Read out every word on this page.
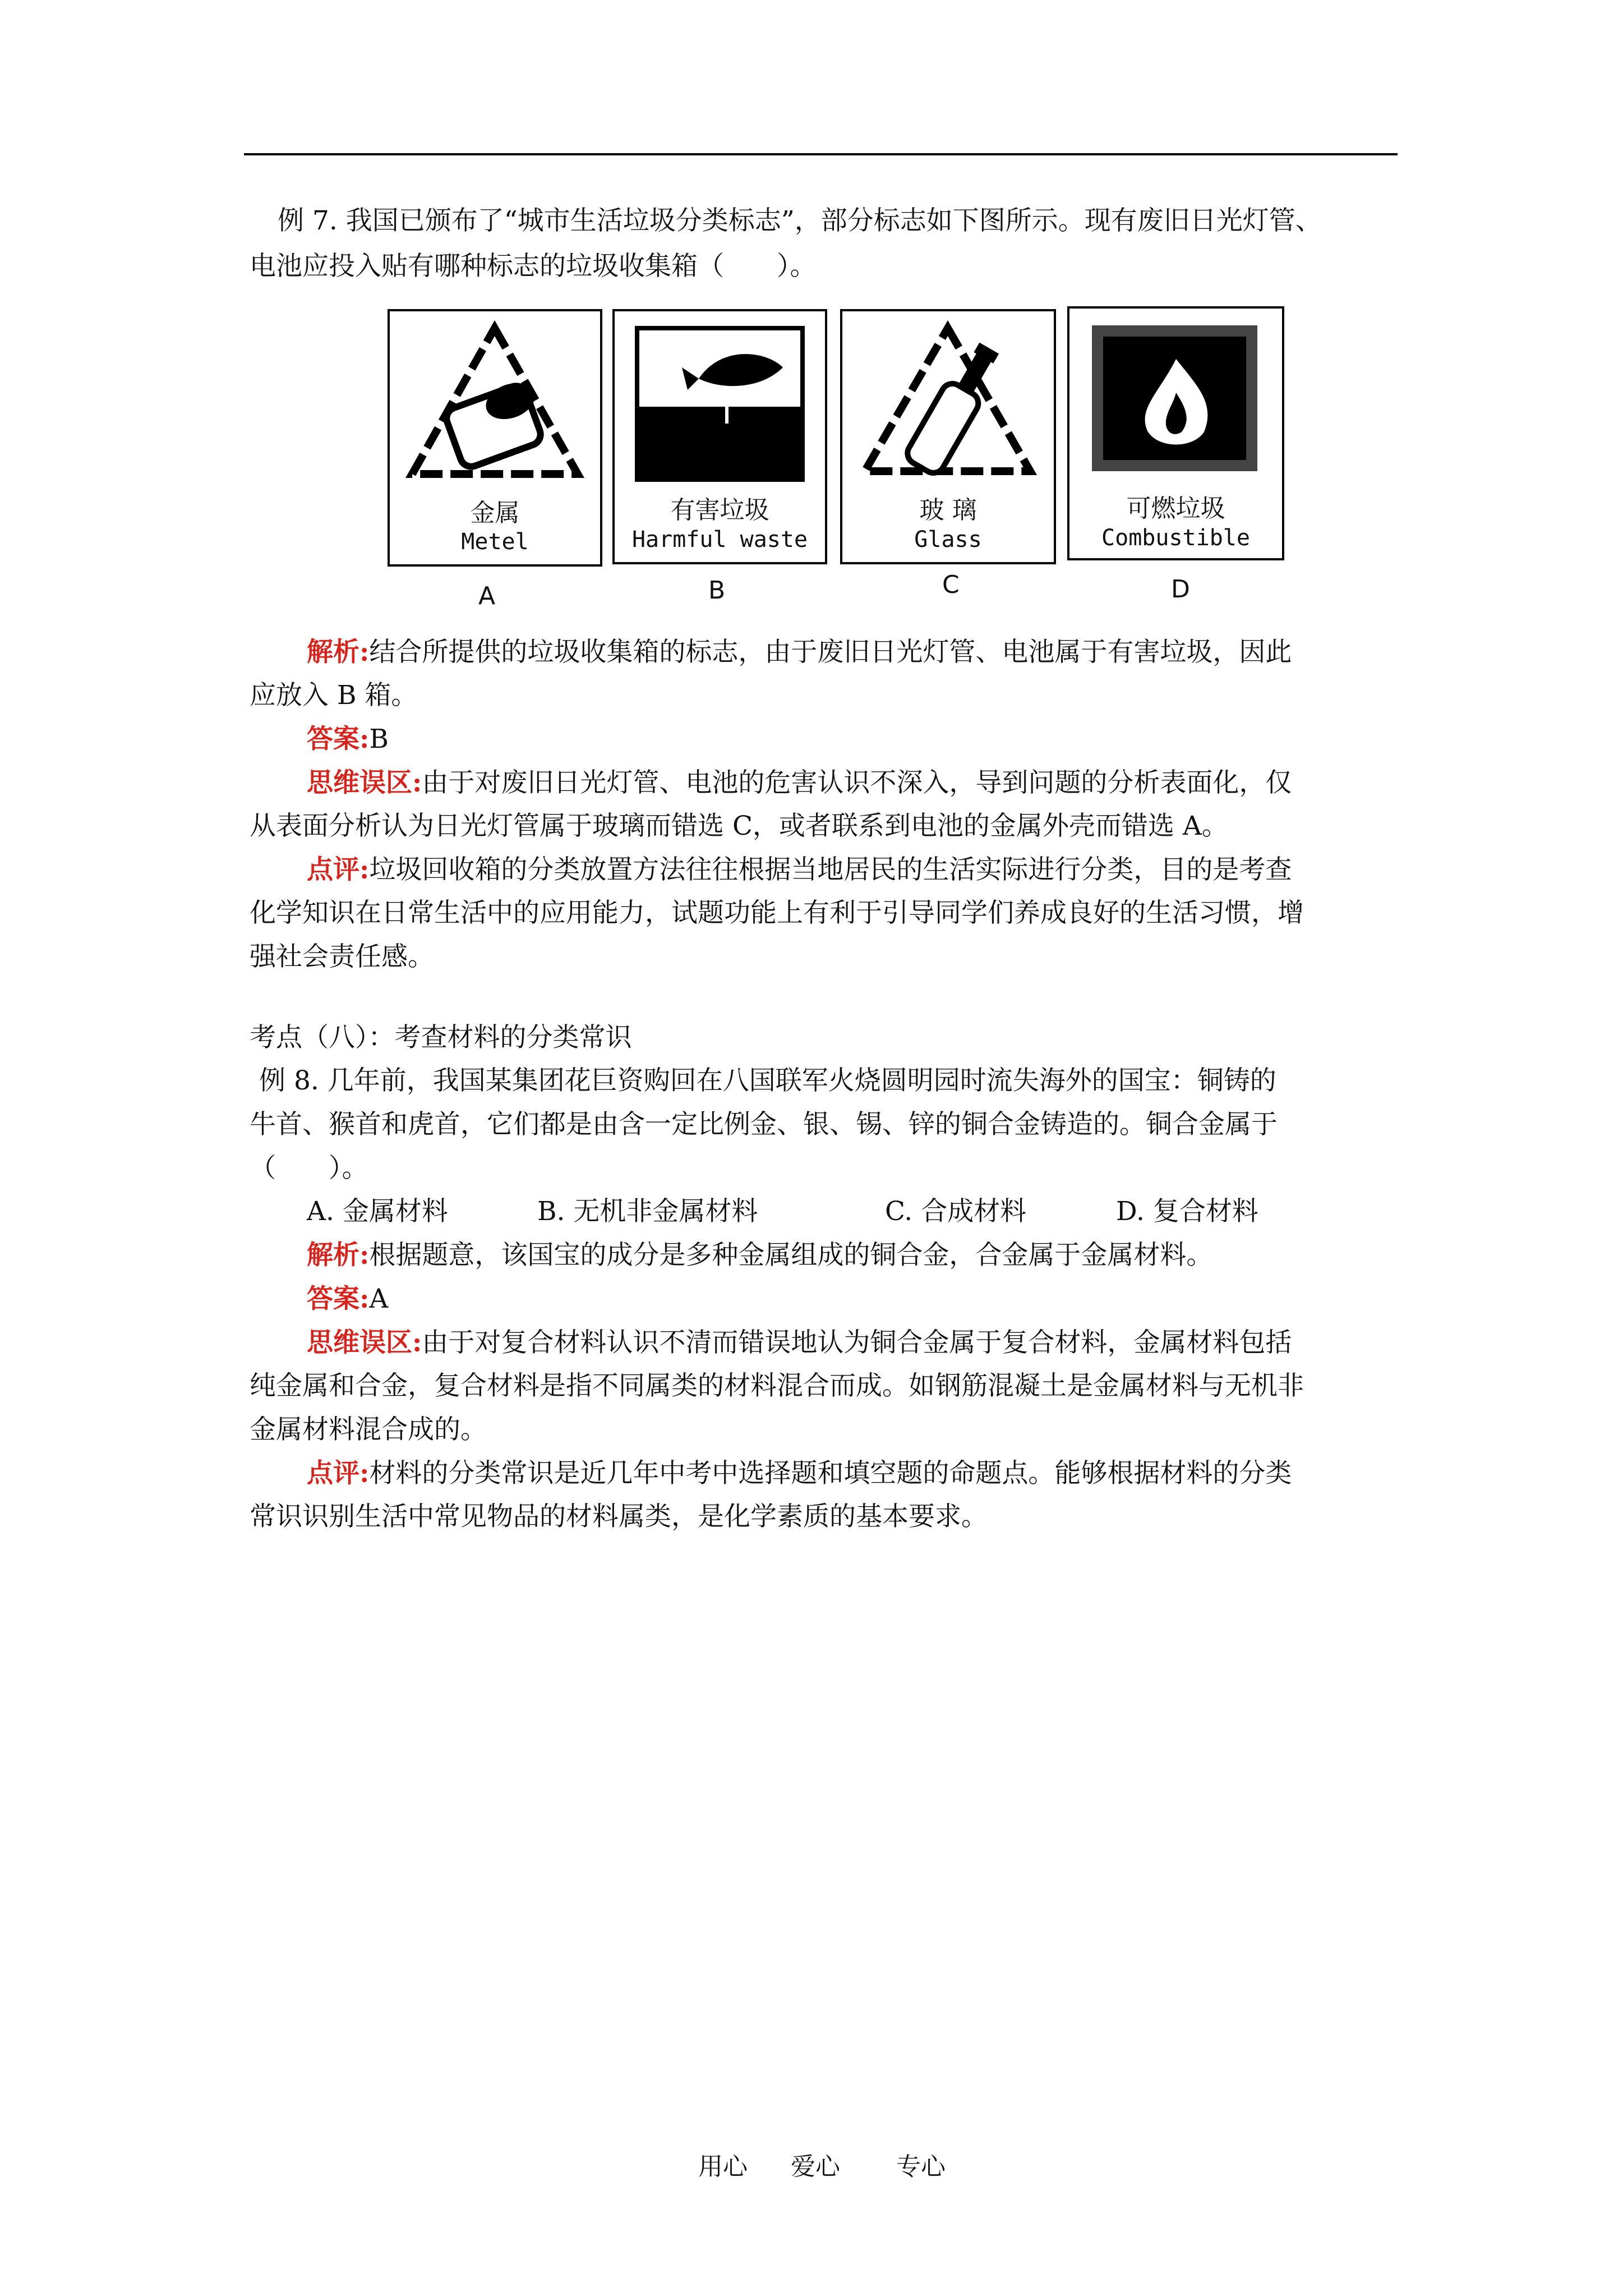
例 7. 我国已颁布了“城市生活垃圾分类标志”，部分标志如下图所示。现有废旧日光灯管、
电池应投入贴有哪种标志的垃圾收集箱（　　）。
金属
Metel
A
有害垃圾
Harmful waste
B
玻 璃
Glass
C
可燃垃圾
Combustible
D
解析:结合所提供的垃圾收集箱的标志，由于废旧日光灯管、电池属于有害垃圾，因此
应放入 B 箱。
答案:B
思维误区:由于对废旧日光灯管、电池的危害认识不深入，导到问题的分析表面化，仅
从表面分析认为日光灯管属于玻璃而错选 C，或者联系到电池的金属外壳而错选 A。
点评:垃圾回收箱的分类放置方法往往根据当地居民的生活实际进行分类，目的是考查
化学知识在日常生活中的应用能力，试题功能上有利于引导同学们养成良好的生活习惯，增
强社会责任感。
考点（八）：考查材料的分类常识
例 8. 几年前，我国某集团花巨资购回在八国联军火烧圆明园时流失海外的国宝：铜铸的
牛首、猴首和虎首，它们都是由含一定比例金、银、锡、锌的铜合金铸造的。铜合金属于
（　　）。
A. 金属材料	B. 无机非金属材料	C. 合成材料	D. 复合材料
解析:根据题意，该国宝的成分是多种金属组成的铜合金，合金属于金属材料。
答案:A
思维误区:由于对复合材料认识不清而错误地认为铜合金属于复合材料，金属材料包括
纯金属和合金，复合材料是指不同属类的材料混合而成。如钢筋混凝土是金属材料与无机非
金属材料混合成的。
点评:材料的分类常识是近几年中考中选择题和填空题的命题点。能够根据材料的分类
常识识别生活中常见物品的材料属类，是化学素质的基本要求。
用心 爱心 专心
